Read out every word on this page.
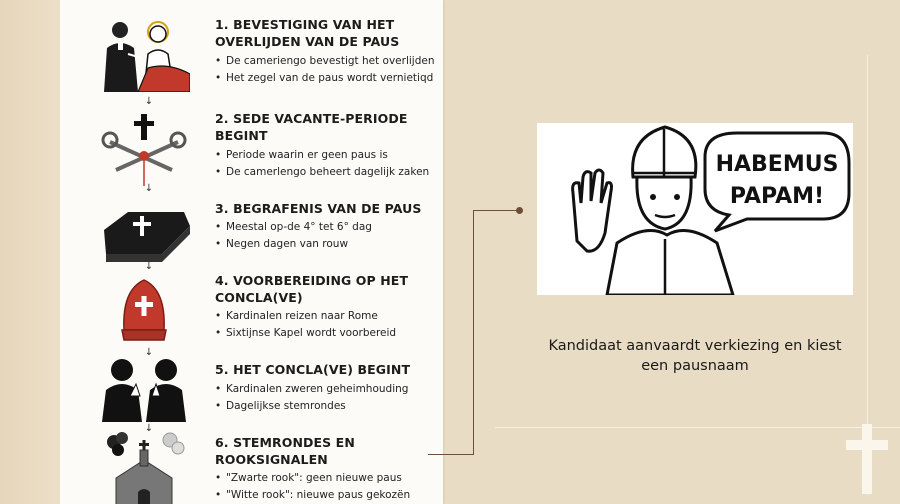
1. BEVESTIGING VAN HET OVERLIJDEN VAN DE PAUS
• De cameriengo bevestigt het overlijden
• Het zegel van de paus wordt vernietiqd
↓
2. SEDE VACANTE-PERIODE BEGINT
• Periode waarin er geen paus is
• De camerlengo beheert dagelijk zaken
↓
3. BEGRAFENIS VAN DE PAUS
• Meestal op-de 4° tet 6° dag
• Negen dagen van rouw
↓
4. VOORBEREIDING OP HET CONCLA(VE)
• Kardinalen reizen naar Rome
• Sixtijnse Kapel wordt voorbereid
↓
5. HET CONCLA(VE) BEGINT
• Kardinalen zweren geheimhouding
• Dagelijkse stemrondes
↓
6. STEMRONDES EN ROOKSIGNALEN
• "Zwarte rook": geen nieuwe paus
• "Witte rook": nieuwe paus gekozën
HABEMUS
PAPAM!
Kandidaat aanvaardt verkiezing en kiest een pausnaam
